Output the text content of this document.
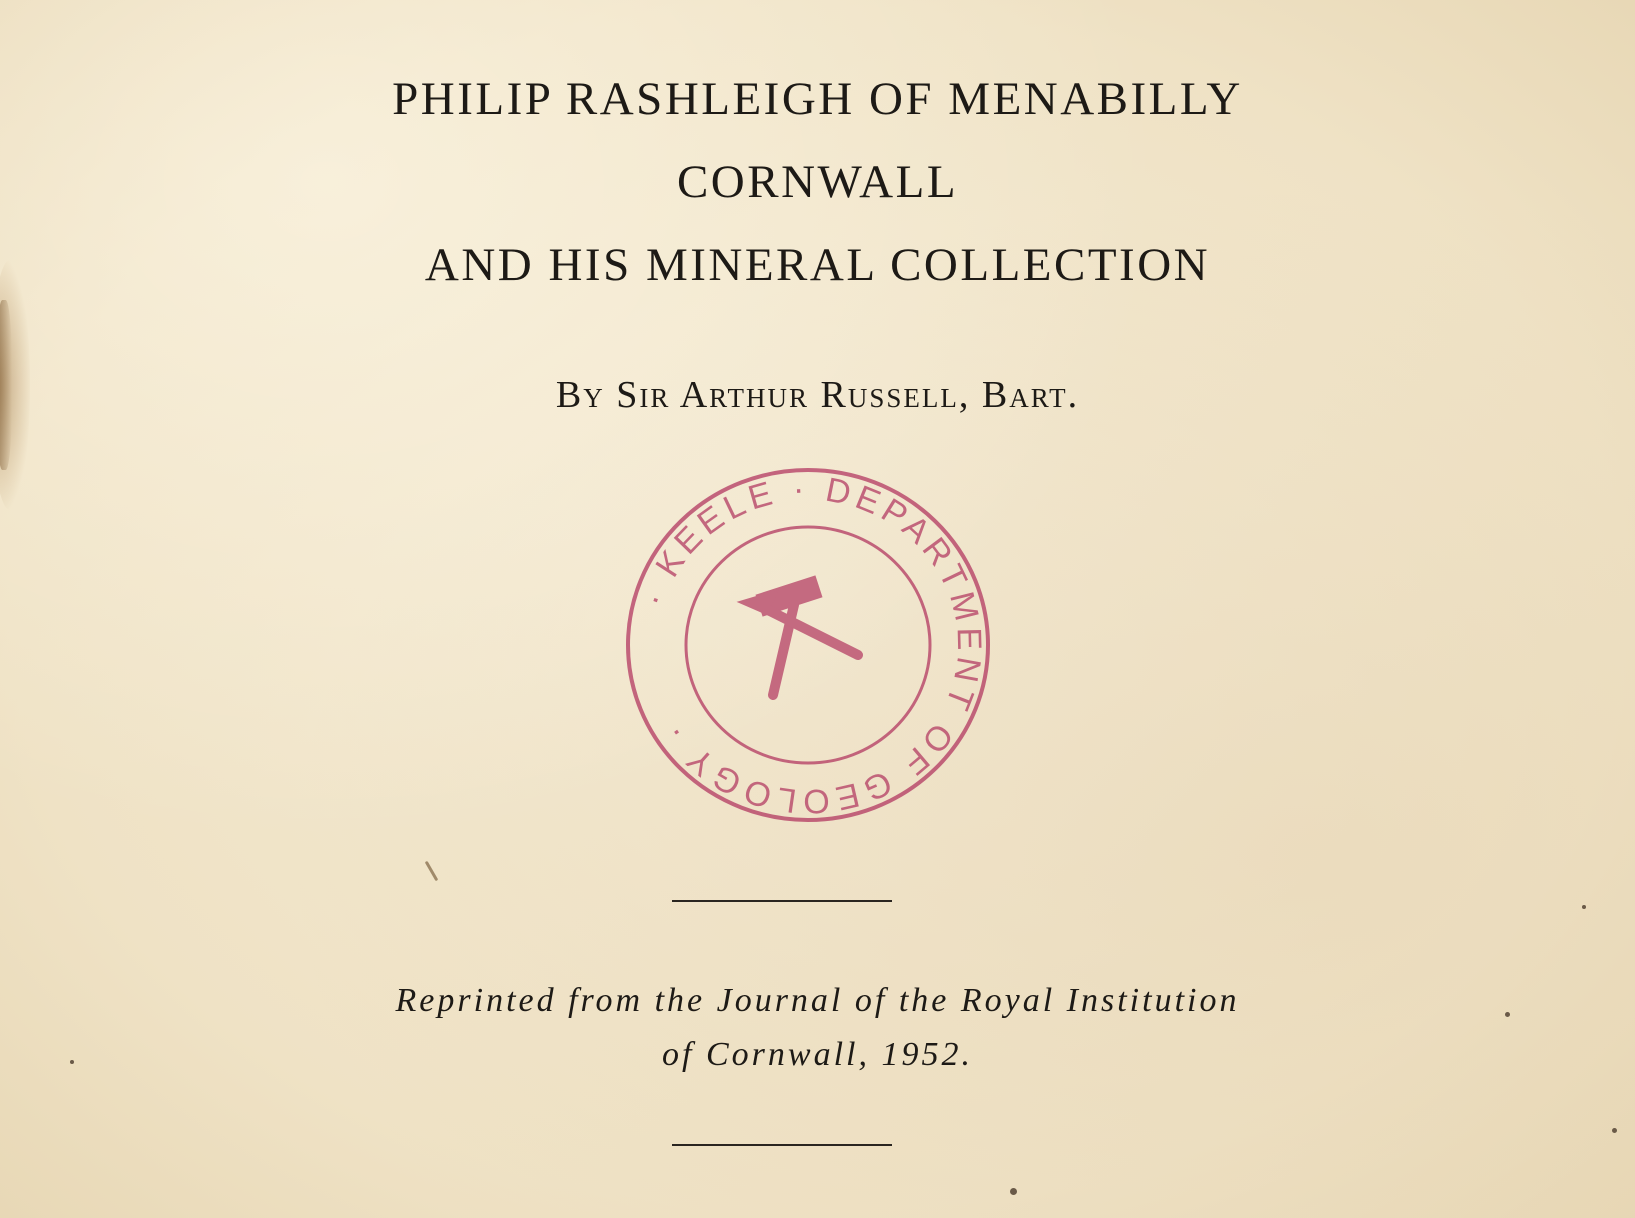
PHILIP RASHLEIGH OF MENABILLY
CORNWALL
AND HIS MINERAL COLLECTION
By Sir Arthur Russell, Bart.
· KEELE · DEPARTMENT OF GEOLOGY ·
Reprinted from the Journal of the Royal Institution
of Cornwall, 1952.
